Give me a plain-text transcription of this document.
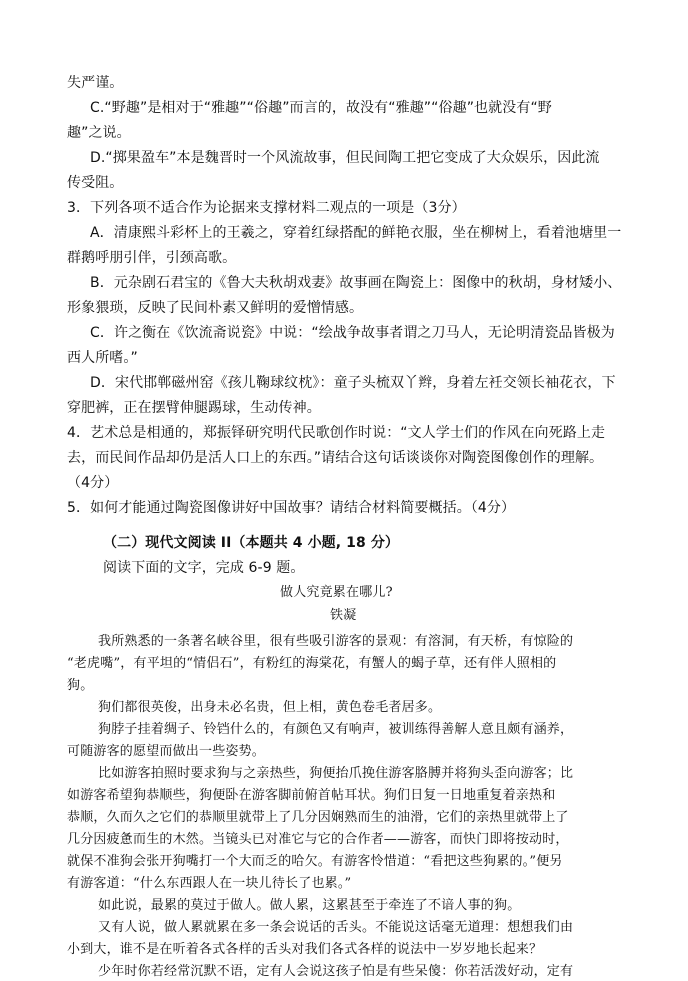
失严谨。
C.“野趣”是相对于“雅趣”“俗趣”而言的，故没有“雅趣”“俗趣”也就没有“野
趣”之说。
D.“掷果盈车”本是魏晋时一个风流故事，但民间陶工把它变成了大众娱乐，因此流
传受阻。
3．下列各项不适合作为论据来支撑材料二观点的一项是（3分）
A．清康熙斗彩杯上的王羲之，穿着红绿搭配的鲜艳衣服，坐在柳树上，看着池塘里一
群鹅呼朋引伴，引颈高歌。
B．元杂剧石君宝的《鲁大夫秋胡戏妻》故事画在陶瓷上：图像中的秋胡，身材矮小、
形象猥琐，反映了民间朴素又鲜明的爱憎情感。
C．许之衡在《饮流斋说瓷》中说：“绘战争故事者谓之刀马人，无论明清瓷品皆极为
西人所嗜。”
D．宋代邯郸磁州窑《孩儿鞠球纹枕》：童子头梳双丫辫，身着左衽交领长袖花衣，下
穿肥裤，正在摆臂伸腿踢球，生动传神。
4．艺术总是相通的，郑振铎研究明代民歌创作时说：“文人学士们的作风在向死路上走
去，而民间作品却仍是活人口上的东西。”请结合这句话谈谈你对陶瓷图像创作的理解。
（4分）
5．如何才能通过陶瓷图像讲好中国故事？请结合材料简要概括。（4分）
（二）现代文阅读 II（本题共 4 小题, 18 分）
阅读下面的文字，完成 6-9 题。
做人究竟累在哪儿?
铁凝
我所熟悉的一条著名峡谷里，很有些吸引游客的景观：有溶洞，有天桥，有惊险的
“老虎嘴”，有平坦的“情侣石”，有粉红的海棠花，有蟹人的蝎子草，还有伴人照相的
狗。
狗们都很英俊，出身未必名贵，但上相，黄色卷毛者居多。
狗脖子挂着绸子、铃铛什么的，有颜色又有响声，被训练得善解人意且颇有涵养，
可随游客的愿望而做出一些姿势。
比如游客拍照时要求狗与之亲热些，狗便抬爪挽住游客胳膊并将狗头歪向游客；比
如游客希望狗恭顺些，狗便卧在游客脚前俯首帖耳状。狗们日复一日地重复着亲热和
恭顺，久而久之它们的恭顺里就带上了几分因娴熟而生的油滑，它们的亲热里就带上了
几分因疲惫而生的木然。当镜头已对准它与它的合作者——游客，而快门即将按动时，
就保不准狗会张开狗嘴打一个大而乏的哈欠。有游客怜惜道：“看把这些狗累的。”便另
有游客道：“什么东西跟人在一块儿待长了也累。”
如此说，最累的莫过于做人。做人累，这累甚至于牵连了不谙人事的狗。
又有人说，做人累就累在多一条会说话的舌头。不能说这话毫无道理：想想我们由
小到大，谁不是在听着各式各样的舌头对我们各式各样的说法中一岁岁地长起来？
少年时你若经常沉默不语，定有人会说这孩子怕是有些呆傻：你若活泼好动，定有
